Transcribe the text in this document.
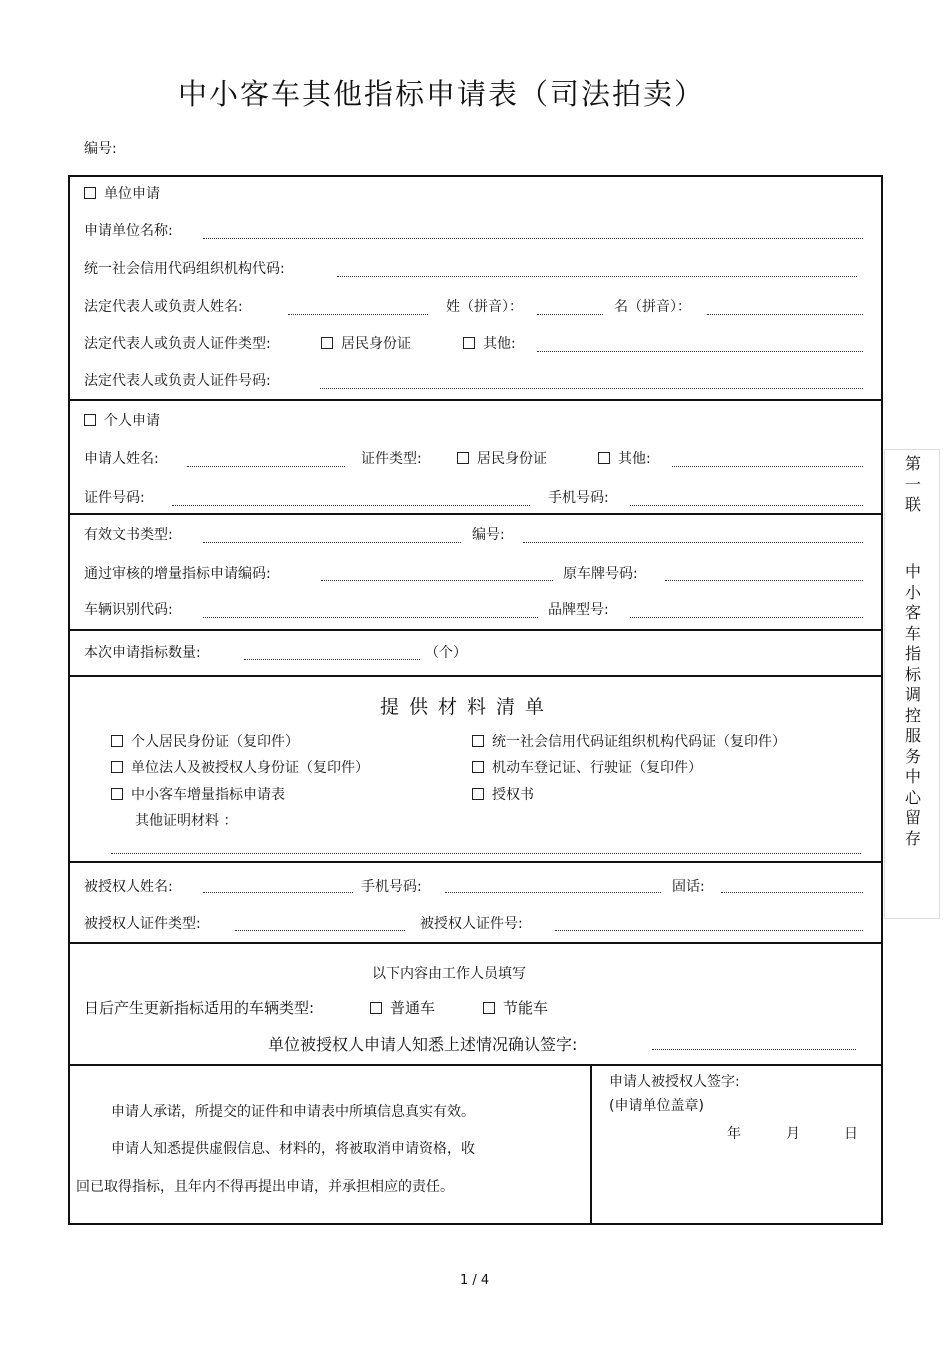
中小客车其他指标申请表（司法拍卖）
编号:
单位申请
申请单位名称:
统一社会信用代码组织机构代码:
法定代表人或负责人姓名:	姓（拼音）：	名（拼音）：
法定代表人或负责人证件类型:	居民身份证	其他:
法定代表人或负责人证件号码:
个人申请
申请人姓名:	证件类型:	居民身份证	其他:
证件号码:	手机号码:
有效文书类型:	编号:
通过审核的增量指标申请编码:	原车牌号码:
车辆识别代码:	品牌型号:
本次申请指标数量:	（个）
提供材料清单
个人居民身份证（复印件）
单位法人及被授权人身份证（复印件）
中小客车增量指标申请表
统一社会信用代码证组织机构代码证（复印件）
机动车登记证、行驶证（复印件）
授权书
其他证明材料 ：
被授权人姓名:	手机号码:	固话:
被授权人证件类型:	被授权人证件号:
以下内容由工作人员填写
日后产生更新指标适用的车辆类型:	普通车	节能车
单位被授权人申请人知悉上述情况确认签字:
申请人承诺，所提交的证件和申请表中所填信息真实有效。
申请人知悉提供虚假信息、材料的，将被取消申请资格，收
回已取得指标，且年内不得再提出申请，并承担相应的责任。
申请人被授权人签字:
(申请单位盖章)
年	月	日
第
一
联
中
小
客
车
指
标
调
控
服
务
中
心
留
存
1 / 4
